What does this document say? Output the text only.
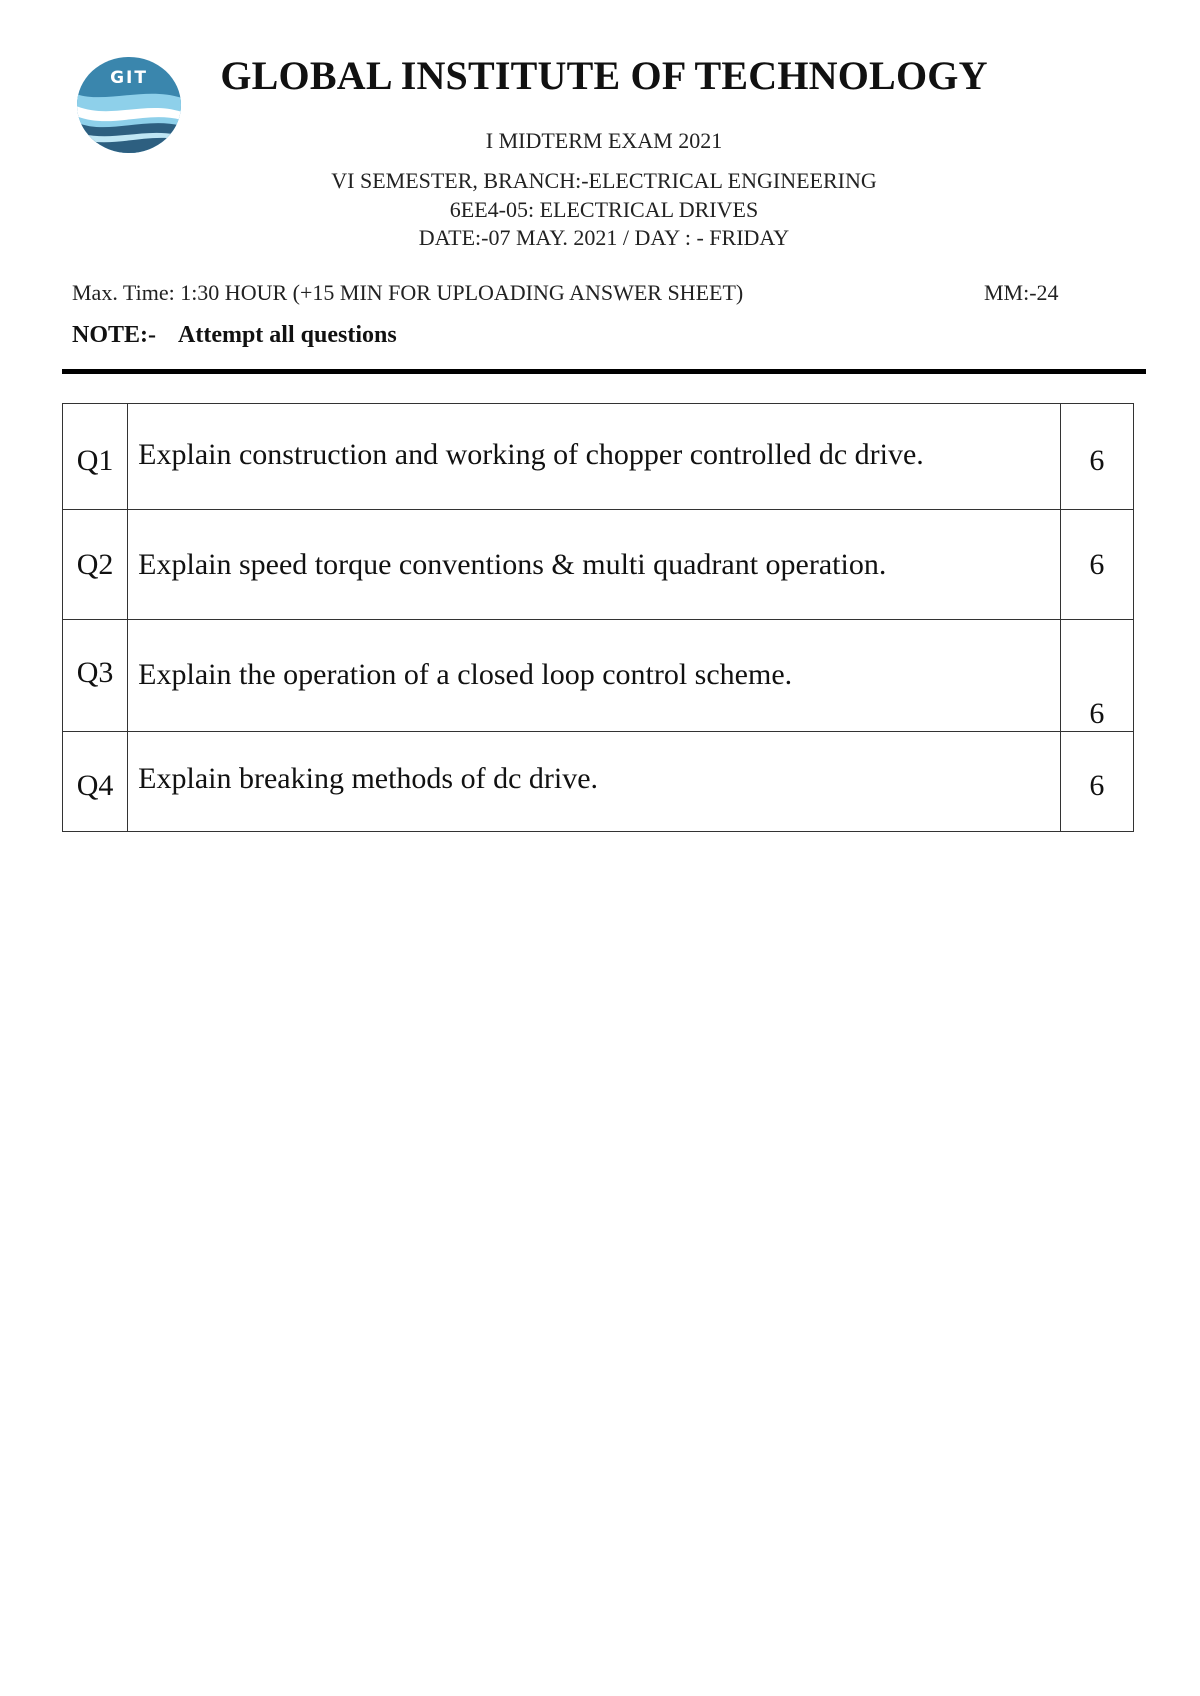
GIT	GLOBAL INSTITUTE OF TECHNOLOGY
I MIDTERM EXAM 2021
VI SEMESTER, BRANCH:-ELECTRICAL ENGINEERING
6EE4-05: ELECTRICAL DRIVES
DATE:-07 MAY. 2021 / DAY : - FRIDAY
Max. Time: 1:30 HOUR (+15 MIN FOR UPLOADING ANSWER SHEET)	MM:-24
NOTE:- Attempt all questions
Q1	Explain construction and working of chopper controlled dc drive.	6
Q2	Explain speed torque conventions & multi quadrant operation.	6
Q3	Explain the operation of a closed loop control scheme.	6
Q4	Explain breaking methods of dc drive.	6
